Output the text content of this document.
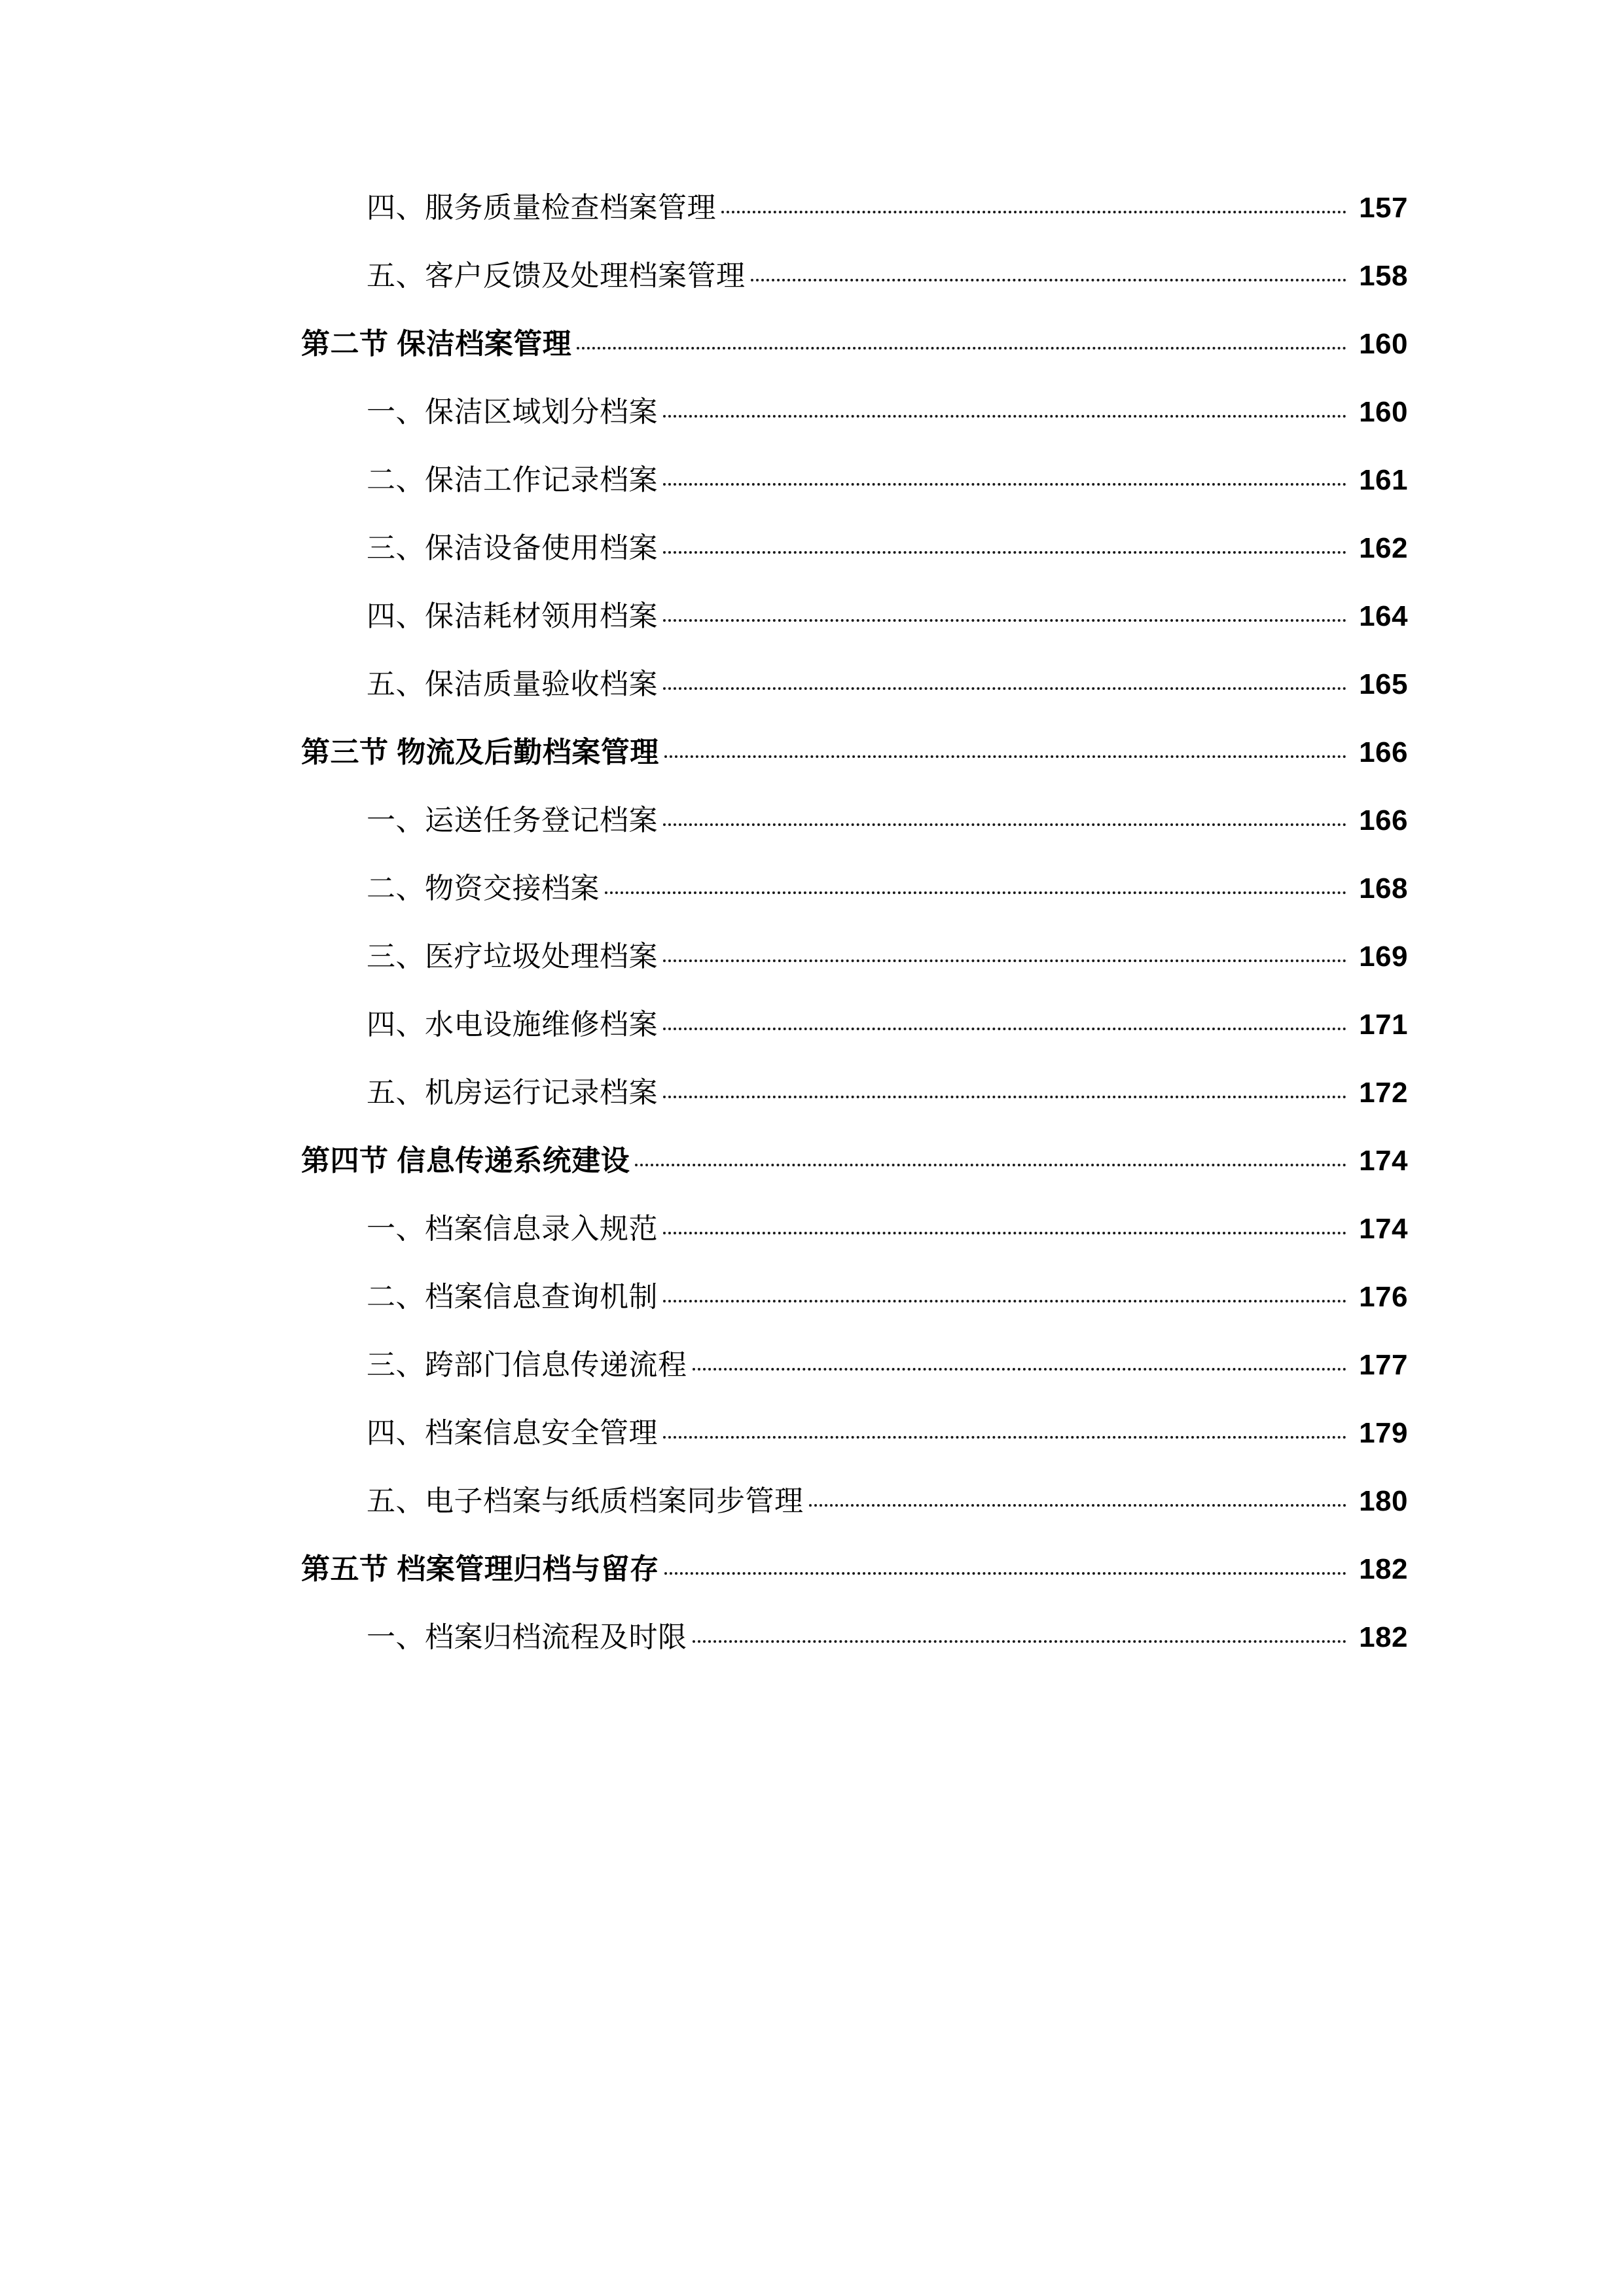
四、服务质量检查档案管理	157
五、客户反馈及处理档案管理	158
第二节 保洁档案管理	160
一、保洁区域划分档案	160
二、保洁工作记录档案	161
三、保洁设备使用档案	162
四、保洁耗材领用档案	164
五、保洁质量验收档案	165
第三节 物流及后勤档案管理	166
一、运送任务登记档案	166
二、物资交接档案	168
三、医疗垃圾处理档案	169
四、水电设施维修档案	171
五、机房运行记录档案	172
第四节 信息传递系统建设	174
一、档案信息录入规范	174
二、档案信息查询机制	176
三、跨部门信息传递流程	177
四、档案信息安全管理	179
五、电子档案与纸质档案同步管理	180
第五节 档案管理归档与留存	182
一、档案归档流程及时限	182
